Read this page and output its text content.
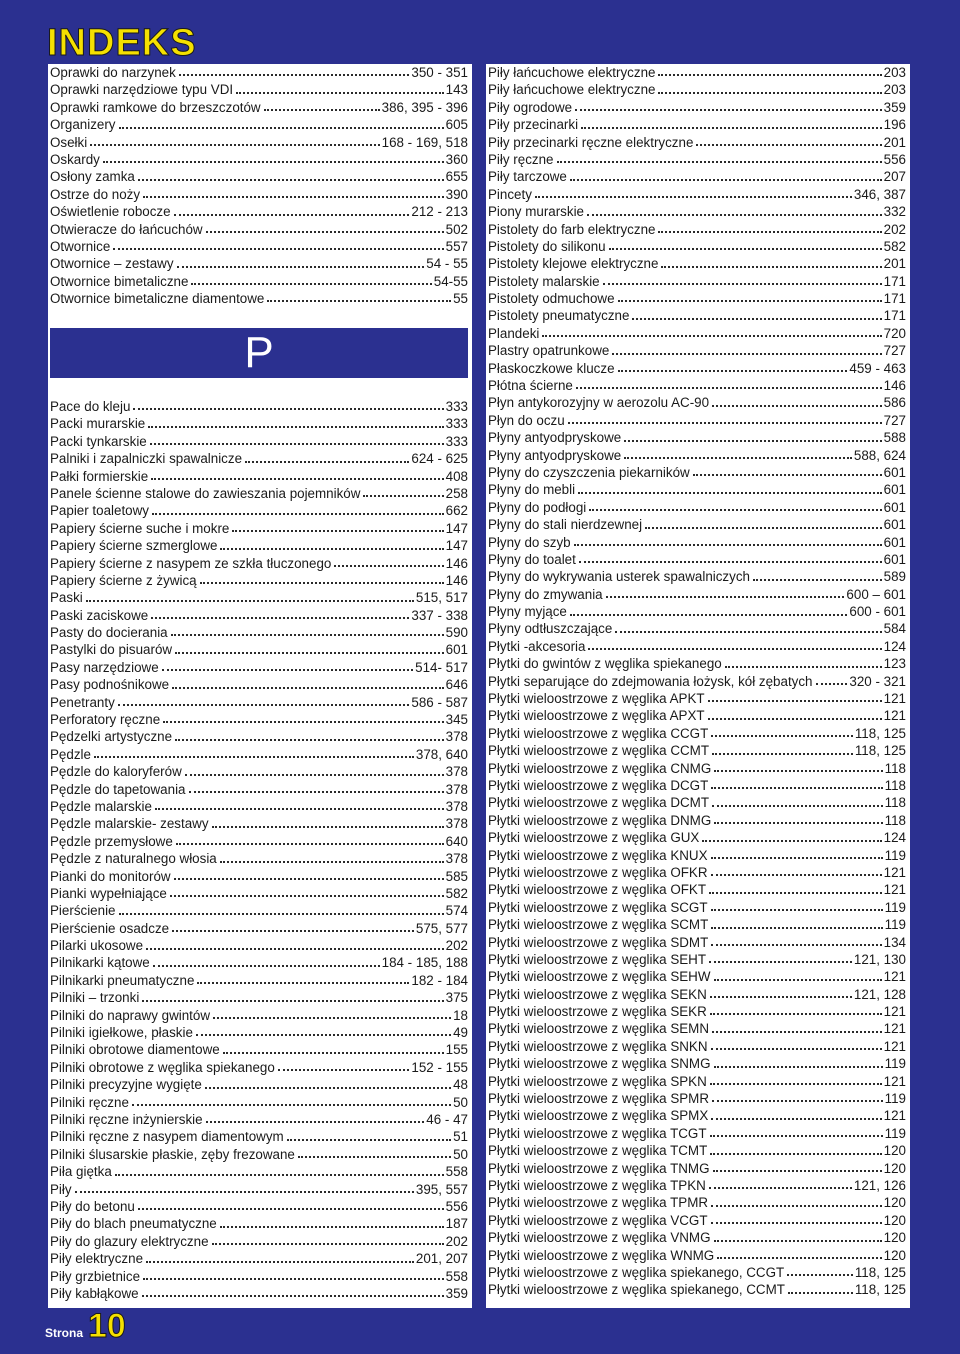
INDEKS
Oprawki do narzynek	350 - 351
Oprawki narzędziowe typu VDI	143
Oprawki ramkowe do brzeszczotów	386, 395 - 396
Organizery	605
Osełki	168 - 169, 518
Oskardy	360
Osłony zamka	655
Ostrze do noży	390
Oświetlenie robocze	212 - 213
Otwieracze do łańcuchów	502
Otwornice	557
Otwornice – zestawy	54 - 55
Otwornice bimetaliczne	54-55
Otwornice bimetaliczne diamentowe	55
P
Pace do kleju	333
Packi murarskie	333
Packi tynkarskie	333
Palniki i zapalniczki spawalnicze	624 - 625
Pałki formierskie	408
Panele ścienne stalowe do zawieszania pojemników	258
Papier toaletowy	662
Papiery ścierne suche i mokre	147
Papiery ścierne szmerglowe	147
Papiery ścierne z nasypem ze szkła tłuczonego	146
Papiery ścierne z żywicą	146
Paski	515, 517
Paski zaciskowe	337 - 338
Pasty do docierania	590
Pastylki do pisuarów	601
Pasy narzędziowe	514- 517
Pasy podnośnikowe	646
Penetranty	586 - 587
Perforatory ręczne	345
Pędzelki artystyczne	378
Pędzle	378, 640
Pędzle do kaloryferów	378
Pędzle do tapetowania	378
Pędzle malarskie	378
Pędzle malarskie- zestawy	378
Pędzle przemysłowe	640
Pędzle z naturalnego włosia	378
Pianki do monitorów	585
Pianki wypełniające	582
Pierścienie	574
Pierścienie osadcze	575, 577
Pilarki ukosowe	202
Pilnikarki kątowe	184 - 185, 188
Pilnikarki pneumatyczne	182 - 184
Pilniki – trzonki	375
Pilniki do naprawy gwintów	18
Pilniki igiełkowe, płaskie	49
Pilniki obrotowe diamentowe	155
Pilniki obrotowe z węglika spiekanego	152 - 155
Pilniki precyzyjne wygięte	48
Pilniki ręczne	50
Pilniki ręczne inżynierskie	46 - 47
Pilniki ręczne z nasypem diamentowym	51
Pilniki ślusarskie płaskie, zęby frezowane	50
Piła giętka	558
Piły	395, 557
Piły do betonu	556
Piły do blach pneumatyczne	187
Piły do glazury elektryczne	202
Piły elektryczne	201, 207
Piły grzbietnice	558
Piły kabłąkowe	359
Piły łańcuchowe elektryczne	203
Piły łańcuchowe elektryczne	203
Piły ogrodowe	359
Piły przecinarki	196
Piły przecinarki ręczne elektryczne	201
Piły ręczne	556
Piły tarczowe	207
Pincety	346, 387
Piony murarskie	332
Pistolety do farb elektryczne	202
Pistolety do silikonu	582
Pistolety klejowe elektryczne	201
Pistolety malarskie	171
Pistolety odmuchowe	171
Pistolety pneumatyczne	171
Plandeki	720
Plastry opatrunkowe	727
Płaskoczkowe klucze	459 - 463
Płótna ścierne	146
Płyn antykorozyjny w aerozolu AC-90	586
Płyn do oczu	727
Płyny antyodpryskowe	588
Płyny antyodpryskowe	588, 624
Płyny do czyszczenia piekarników	601
Płyny do mebli	601
Płyny do podłogi	601
Płyny do stali nierdzewnej	601
Płyny do szyb	601
Płyny do toalet	601
Płyny do wykrywania usterek spawalniczych	589
Płyny do zmywania	600 – 601
Płyny myjące	600 - 601
Płyny odtłuszczające	584
Płytki -akcesoria	124
Płytki do gwintów z węglika spiekanego	123
Płytki separujące do zdejmowania łożysk, kół zębatych	320 - 321
Płytki wieloostrzowe z węglika APKT	121
Płytki wieloostrzowe z węglika APXT	121
Płytki wieloostrzowe z węglika CCGT	118, 125
Płytki wieloostrzowe z węglika CCMT	118, 125
Płytki wieloostrzowe z węglika CNMG	118
Płytki wieloostrzowe z węglika DCGT	118
Płytki wieloostrzowe z węglika DCMT	118
Płytki wieloostrzowe z węglika DNMG	118
Płytki wieloostrzowe z węglika GUX	124
Płytki wieloostrzowe z węglika KNUX	119
Płytki wieloostrzowe z węglika OFKR	121
Płytki wieloostrzowe z węglika OFKT	121
Płytki wieloostrzowe z węglika SCGT	119
Płytki wieloostrzowe z węglika SCMT	119
Płytki wieloostrzowe z węglika SDMT	134
Płytki wieloostrzowe z węglika SEHT	121, 130
Płytki wieloostrzowe z węglika SEHW	121
Płytki wieloostrzowe z węglika SEKN	121, 128
Płytki wieloostrzowe z węglika SEKR	121
Płytki wieloostrzowe z węglika SEMN	121
Płytki wieloostrzowe z węglika SNKN	121
Płytki wieloostrzowe z węglika SNMG	119
Płytki wieloostrzowe z węglika SPKN	121
Płytki wieloostrzowe z węglika SPMR	119
Płytki wieloostrzowe z węglika SPMX	121
Płytki wieloostrzowe z węglika TCGT	119
Płytki wieloostrzowe z węglika TCMT	120
Płytki wieloostrzowe z węglika TNMG	120
Płytki wieloostrzowe z węglika TPKN	121, 126
Płytki wieloostrzowe z węglika TPMR	120
Płytki wieloostrzowe z węglika VCGT	120
Płytki wieloostrzowe z węglika VNMG	120
Płytki wieloostrzowe z węglika WNMG	120
Płytki wieloostrzowe z węglika spiekanego, CCGT	118, 125
Płytki wieloostrzowe z węglika spiekanego, CCMT	118, 125
Strona 10
